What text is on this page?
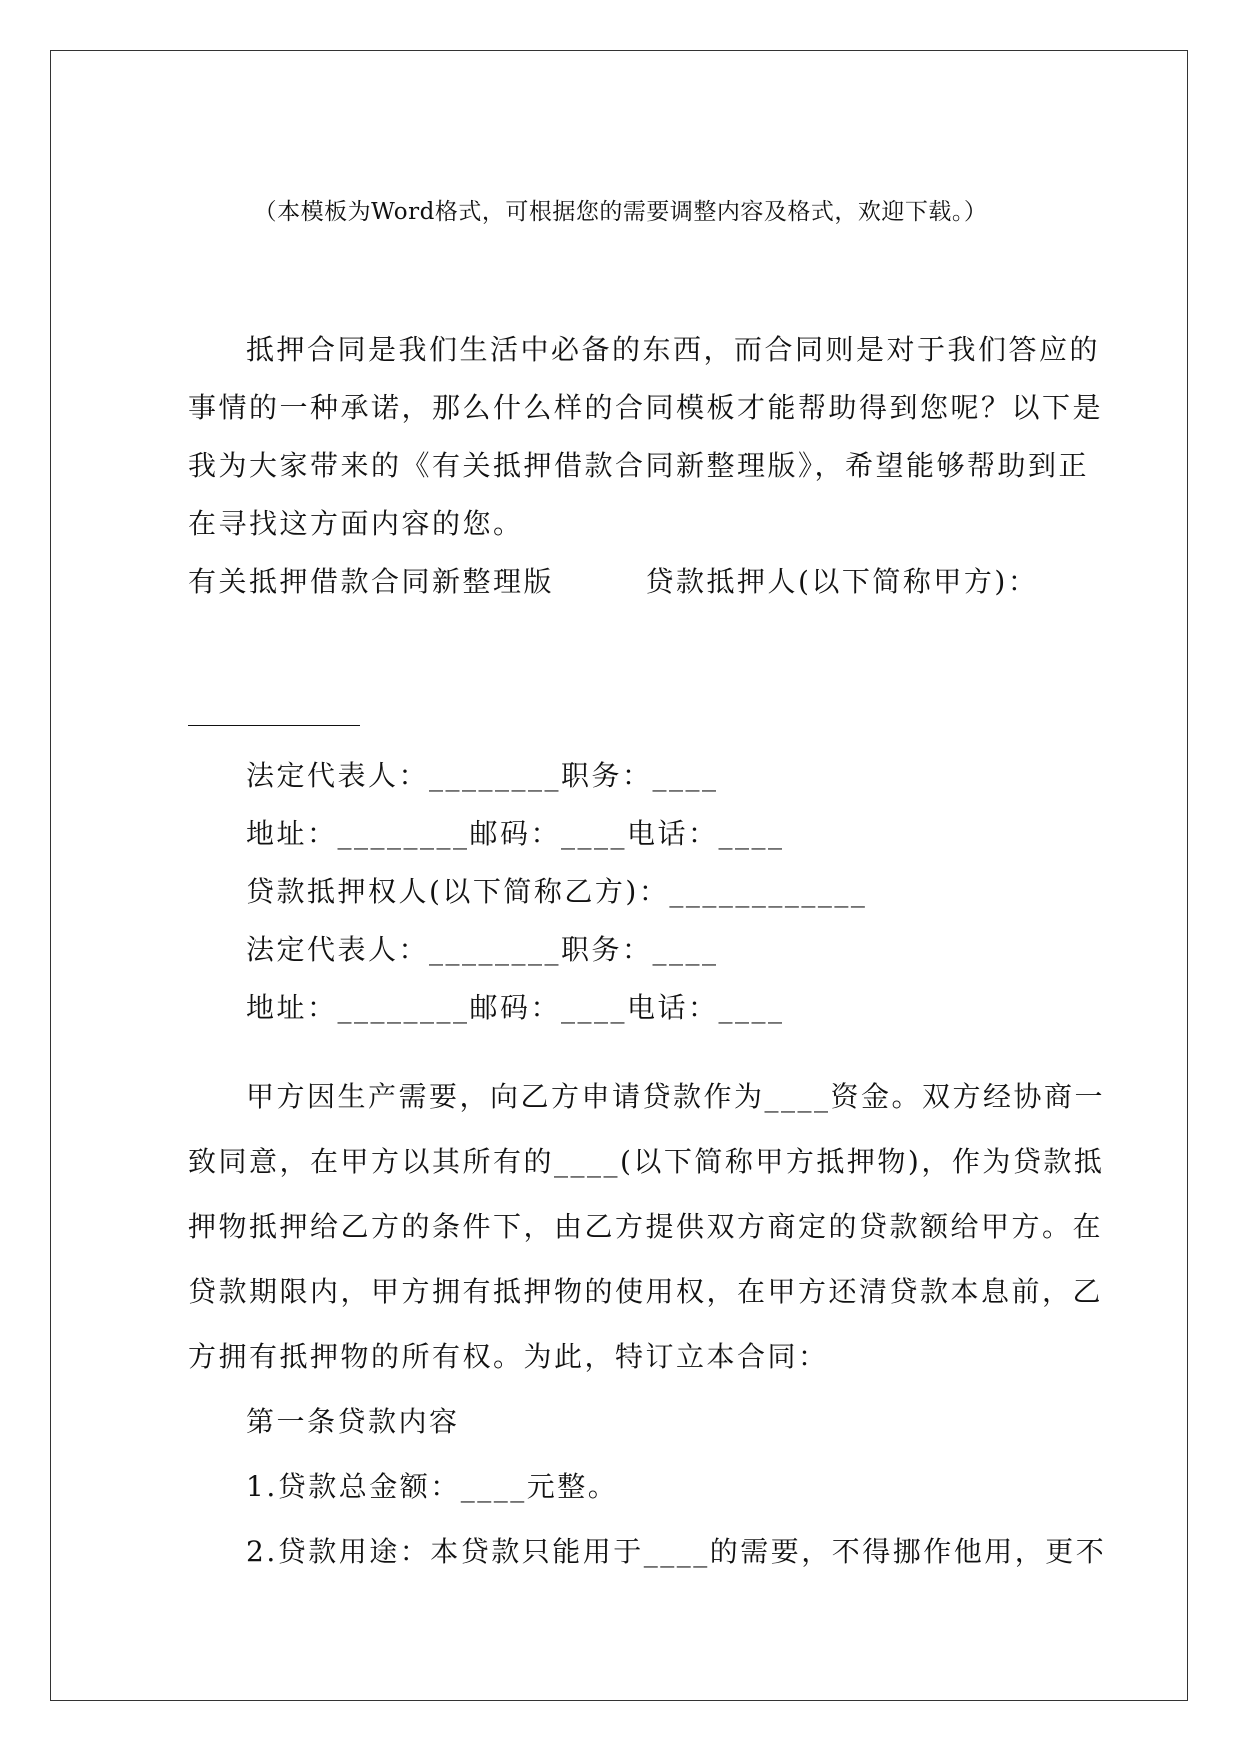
（本模板为Word格式，可根据您的需要调整内容及格式，欢迎下载。）
抵押合同是我们生活中必备的东西，而合同则是对于我们答应的
事情的一种承诺，那么什么样的合同模板才能帮助得到您呢？以下是
我为大家带来的《有关抵押借款合同新整理版》，希望能够帮助到正
在寻找这方面内容的您。
有关抵押借款合同新整理版　　　贷款抵押人(以下简称甲方)：
法定代表人：________职务：____
地址：________邮码：____电话：____
贷款抵押权人(以下简称乙方)：____________
法定代表人：________职务：____
地址：________邮码：____电话：____
甲方因生产需要，向乙方申请贷款作为____资金。双方经协商一
致同意，在甲方以其所有的____(以下简称甲方抵押物)，作为贷款抵
押物抵押给乙方的条件下，由乙方提供双方商定的贷款额给甲方。在
贷款期限内，甲方拥有抵押物的使用权，在甲方还清贷款本息前，乙
方拥有抵押物的所有权。为此，特订立本合同：
第一条贷款内容
1.贷款总金额：____元整。
2.贷款用途：本贷款只能用于____的需要，不得挪作他用，更不
